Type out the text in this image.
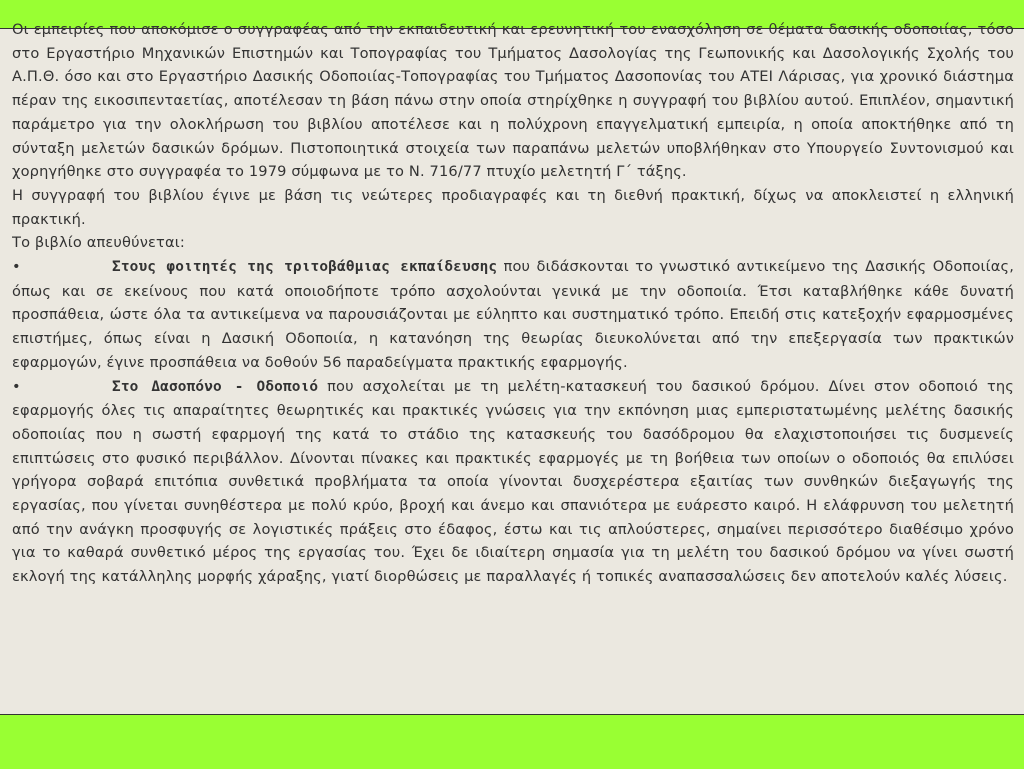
Οι εμπειρίες που αποκόμισε ο συγγραφέας από την εκπαιδευτική και ερευνητική του ενασχόληση σε θέματα δασικής οδοποιίας, τόσο στο Εργαστήριο Μηχανικών Επιστημών και Τοπογραφίας του Τμήματος Δασολογίας της Γεωπονικής και Δασολογικής Σχολής του Α.Π.Θ. όσο και στο Εργαστήριο Δασικής Οδοποιίας-Τοπογραφίας του Τμήματος Δασοπονίας του ΑΤΕΙ Λάρισας, για χρονικό διάστημα πέραν της εικοσιπενταετίας, αποτέλεσαν τη βάση πάνω στην οποία στηρίχθηκε η συγγραφή του βιβλίου αυτού. Επιπλέον, σημαντική παράμετρο για την ολοκλήρωση του βιβλίου αποτέλεσε και η πολύχρονη επαγγελματική εμπειρία, η οποία αποκτήθηκε από τη σύνταξη μελετών δασικών δρόμων. Πιστοποιητικά στοιχεία των παραπάνω μελετών υποβλήθηκαν στο Υπουργείο Συντονισμού και χορηγήθηκε στο συγγραφέα το 1979 σύμφωνα με το Ν. 716/77 πτυχίο μελετητή Γ΄ τάξης.

Η συγγραφή του βιβλίου έγινε με βάση τις νεώτερες προδιαγραφές και τη διεθνή πρακτική, δίχως να αποκλειστεί η ελληνική πρακτική.

Το βιβλίο απευθύνεται:

•	Στους φοιτητές της τριτοβάθμιας εκπαίδευσης που διδάσκονται το γνωστικό αντικείμενο της Δασικής Οδοποιίας, όπως και σε εκείνους που κατά οποιοδήποτε τρόπο ασχολούνται γενικά με την οδοποιία. Έτσι καταβλήθηκε κάθε δυνατή προσπάθεια, ώστε όλα τα αντικείμενα να παρουσιάζονται με εύληπτο και συστηματικό τρόπο. Επειδή στις κατεξοχήν εφαρμοσμένες επιστήμες, όπως είναι η Δασική Οδοποιία, η κατανόηση της θεωρίας διευκολύνεται από την επεξεργασία των πρακτικών εφαρμογών, έγινε προσπάθεια να δοθούν 56 παραδείγματα πρακτικής εφαρμογής.

•	Στο Δασοπόνο - Οδοποιό που ασχολείται με τη μελέτη-κατασκευή του δασικού δρόμου. Δίνει στον οδοποιό της εφαρμογής όλες τις απαραίτητες θεωρητικές και πρακτικές γνώσεις για την εκπόνηση μιας εμπεριστατωμένης μελέτης δασικής οδοποιίας που η σωστή εφαρμογή της κατά το στάδιο της κατασκευής του δασόδρομου θα ελαχιστοποιήσει τις δυσμενείς επιπτώσεις στο φυσικό περιβάλλον. Δίνονται πίνακες και πρακτικές εφαρμογές με τη βοήθεια των οποίων ο οδοποιός θα επιλύσει γρήγορα σοβαρά επιτόπια συνθετικά προβλήματα τα οποία γίνονται δυσχερέστερα εξαιτίας των συνθηκών διεξαγωγής της εργασίας, που γίνεται συνηθέστερα με πολύ κρύο, βροχή και άνεμο και σπανιότερα με ευάρεστο καιρό. Η ελάφρυνση του μελετητή από την ανάγκη προσφυγής σε λογιστικές πράξεις στο έδαφος, έστω και τις απλούστερες, σημαίνει περισσότερο διαθέσιμο χρόνο για το καθαρά συνθετικό μέρος της εργασίας του. Έχει δε ιδιαίτερη σημασία για τη μελέτη του δασικού δρόμου να γίνει σωστή εκλογή της κατάλληλης μορφής χάραξης, γιατί διορθώσεις με παραλλαγές ή τοπικές αναπασσαλώσεις δεν αποτελούν καλές λύσεις.
